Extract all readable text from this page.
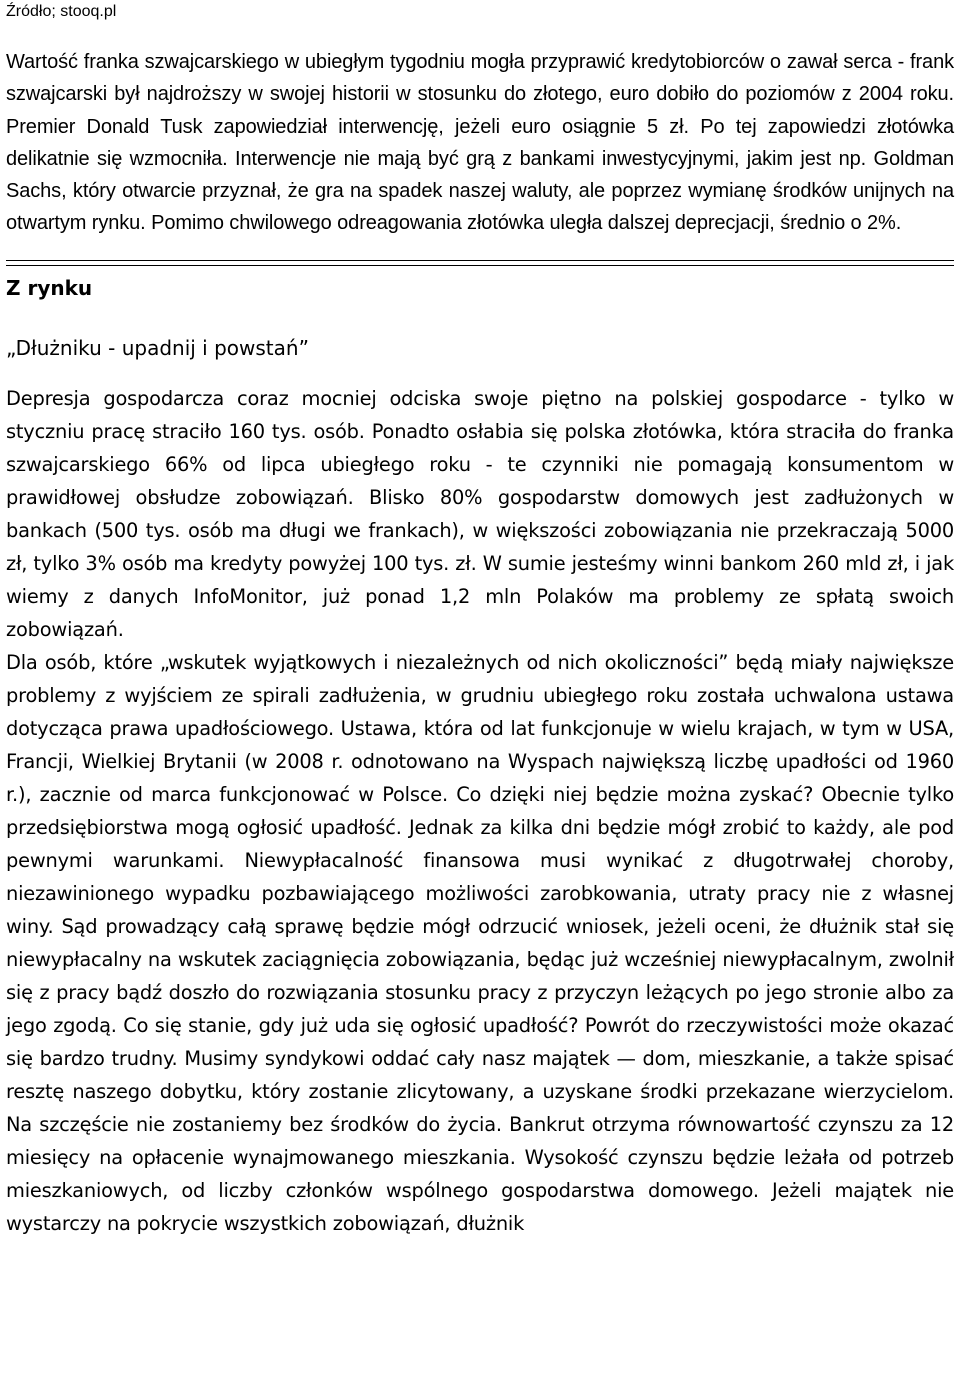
Źródło; stooq.pl

Wartość franka szwajcarskiego w ubiegłym tygodniu mogła przyprawić kredytobiorców o zawał serca - frank szwajcarski był najdroższy w swojej historii w stosunku do złotego, euro dobiło do poziomów z 2004 roku. Premier Donald Tusk zapowiedział interwencję, jeżeli euro osiągnie 5 zł. Po tej zapowiedzi złotówka delikatnie się wzmocniła. Interwencje nie mają być grą z bankami inwestycyjnymi, jakim jest np. Goldman Sachs, który otwarcie przyznał, że gra na spadek naszej waluty, ale poprzez wymianę środków unijnych na otwartym rynku. Pomimo chwilowego odreagowania złotówka uległa dalszej deprecjacji, średnio o 2%.

Z rynku

„Dłużniku - upadnij i powstań”

Depresja gospodarcza coraz mocniej odciska swoje piętno na polskiej gospodarce - tylko w styczniu pracę straciło 160 tys. osób. Ponadto osłabia się polska złotówka, która straciła do franka szwajcarskiego 66% od lipca ubiegłego roku - te czynniki nie pomagają konsumentom w prawidłowej obsłudze zobowiązań. Blisko 80% gospodarstw domowych jest zadłużonych w bankach (500 tys. osób ma długi we frankach), w większości zobowiązania nie przekraczają 5000 zł, tylko 3% osób ma kredyty powyżej 100 tys. zł. W sumie jesteśmy winni bankom 260 mld zł, i jak wiemy z danych InfoMonitor, już ponad 1,2 mln Polaków ma problemy ze spłatą swoich zobowiązań.

Dla osób, które „wskutek wyjątkowych i niezależnych od nich okoliczności” będą miały największe problemy z wyjściem ze spirali zadłużenia, w grudniu ubiegłego roku została uchwalona ustawa dotycząca prawa upadłościowego. Ustawa, która od lat funkcjonuje w wielu krajach, w tym w USA, Francji, Wielkiej Brytanii (w 2008 r. odnotowano na Wyspach największą liczbę upadłości od 1960 r.), zacznie od marca funkcjonować w Polsce. Co dzięki niej będzie można zyskać? Obecnie tylko przedsiębiorstwa mogą ogłosić upadłość. Jednak za kilka dni będzie mógł zrobić to każdy, ale pod pewnymi warunkami. Niewypłacalność finansowa musi wynikać z długotrwałej choroby, niezawinionego wypadku pozbawiającego możliwości zarobkowania, utraty pracy nie z własnej winy. Sąd prowadzący całą sprawę będzie mógł odrzucić wniosek, jeżeli oceni, że dłużnik stał się niewypłacalny na wskutek zaciągnięcia zobowiązania, będąc już wcześniej niewypłacalnym, zwolnił się z pracy bądź doszło do rozwiązania stosunku pracy z przyczyn leżących po jego stronie albo za jego zgodą. Co się stanie, gdy już uda się ogłosić upadłość? Powrót do rzeczywistości może okazać się bardzo trudny. Musimy syndykowi oddać cały nasz majątek — dom, mieszkanie, a także spisać resztę naszego dobytku, który zostanie zlicytowany, a uzyskane środki przekazane wierzycielom. Na szczęście nie zostaniemy bez środków do życia. Bankrut otrzyma równowartość czynszu za 12 miesięcy na opłacenie wynajmowanego mieszkania. Wysokość czynszu będzie leżała od potrzeb mieszkaniowych, od liczby członków wspólnego gospodarstwa domowego. Jeżeli majątek nie wystarczy na pokrycie wszystkich zobowiązań, dłużnik
